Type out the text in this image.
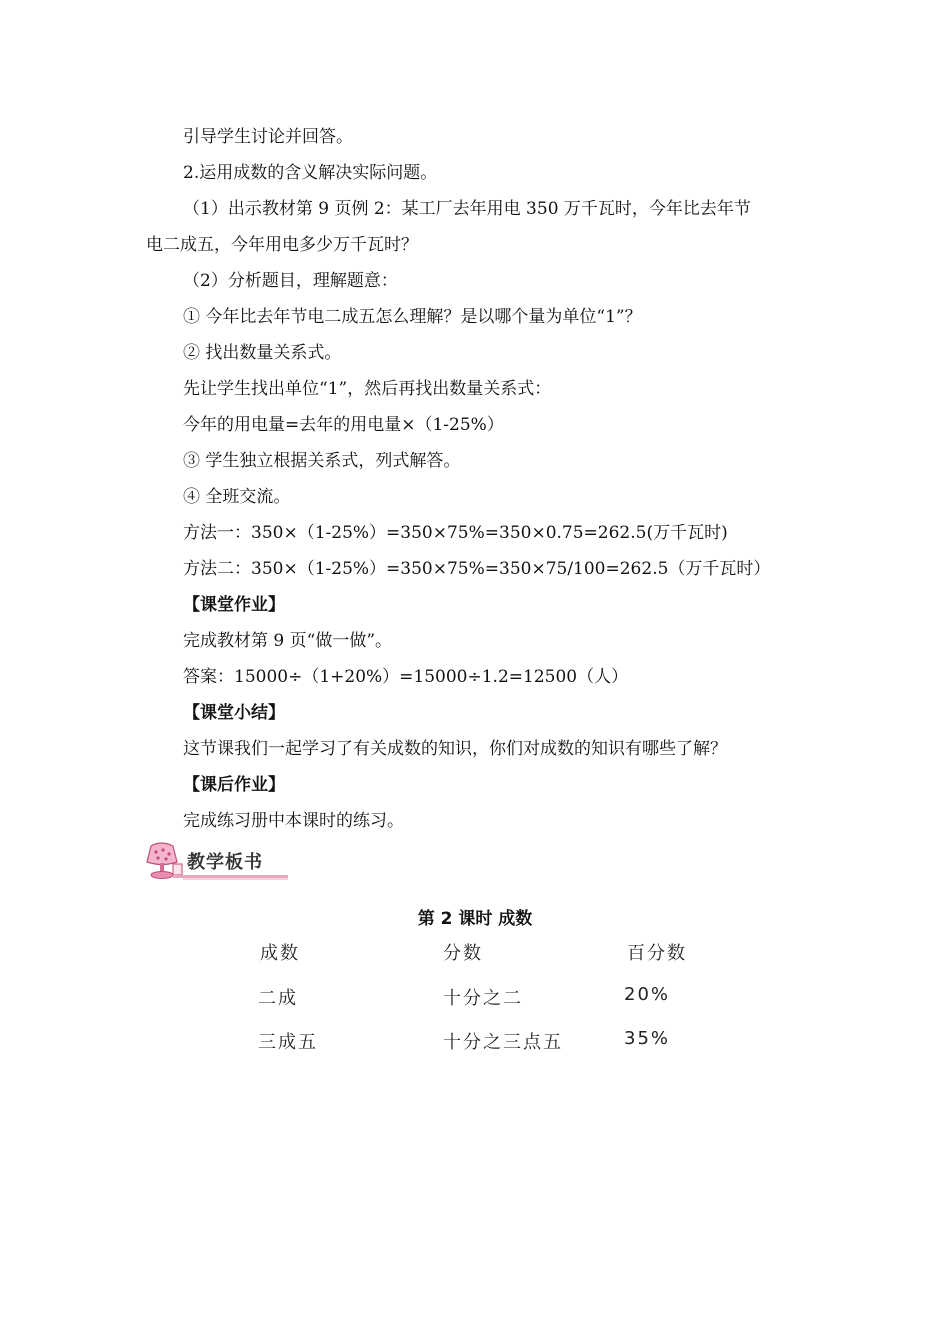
引导学生讨论并回答。
2.运用成数的含义解决实际问题。
（1）出示教材第 9 页例 2：某工厂去年用电 350 万千瓦时，今年比去年节
电二成五，今年用电多少万千瓦时？
（2）分析题目，理解题意：
① 今年比去年节电二成五怎么理解？是以哪个量为单位“1”？
② 找出数量关系式。
先让学生找出单位“1”，然后再找出数量关系式：
今年的用电量=去年的用电量×（1-25%）
③ 学生独立根据关系式，列式解答。
④ 全班交流。
方法一：350×（1-25%）=350×75%=350×0.75=262.5(万千瓦时)
方法二：350×（1-25%）=350×75%=350×75/100=262.5（万千瓦时）
【课堂作业】
完成教材第 9 页“做一做”。
答案：15000÷（1+20%）=15000÷1.2=12500（人）
【课堂小结】
这节课我们一起学习了有关成数的知识，你们对成数的知识有哪些了解？
【课后作业】
完成练习册中本课时的练习。
教学板书
第 2 课时 成数
成数	分数	百分数
二成	十分之二	20%
三成五	十分之三点五	35%
